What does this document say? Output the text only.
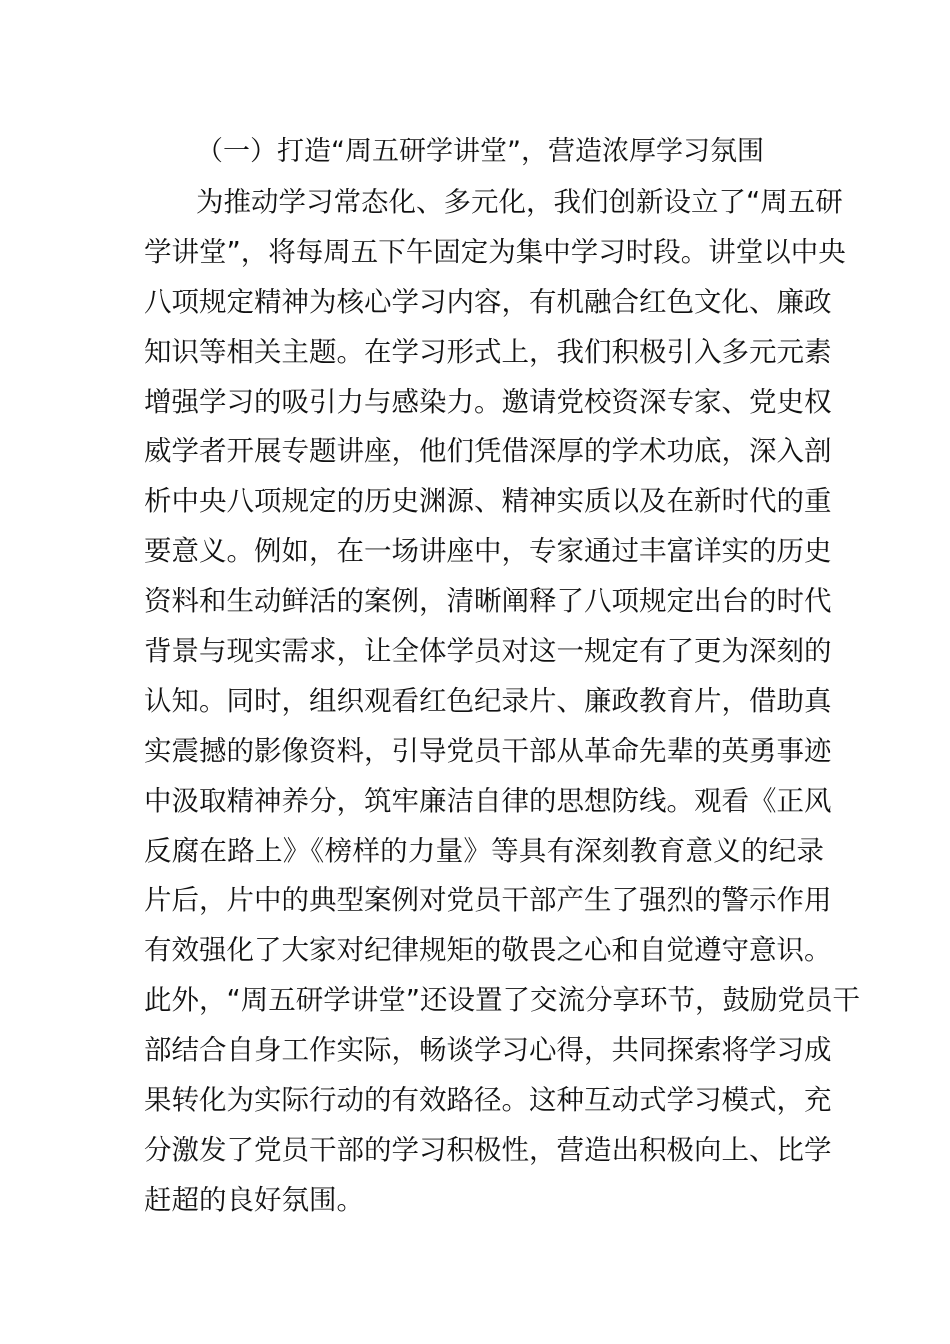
（一）打造“周五研学讲堂”，营造浓厚学习氛围
为推动学习常态化、多元化，我们创新设立了“周五研
学讲堂”，将每周五下午固定为集中学习时段。讲堂以中央
八项规定精神为核心学习内容，有机融合红色文化、廉政
知识等相关主题。在学习形式上，我们积极引入多元元素
增强学习的吸引力与感染力。邀请党校资深专家、党史权
威学者开展专题讲座，他们凭借深厚的学术功底，深入剖
析中央八项规定的历史渊源、精神实质以及在新时代的重
要意义。例如，在一场讲座中，专家通过丰富详实的历史
资料和生动鲜活的案例，清晰阐释了八项规定出台的时代
背景与现实需求，让全体学员对这一规定有了更为深刻的
认知。同时，组织观看红色纪录片、廉政教育片，借助真
实震撼的影像资料，引导党员干部从革命先辈的英勇事迹
中汲取精神养分，筑牢廉洁自律的思想防线。观看《正风
反腐在路上》《榜样的力量》等具有深刻教育意义的纪录
片后，片中的典型案例对党员干部产生了强烈的警示作用
有效强化了大家对纪律规矩的敬畏之心和自觉遵守意识。
此外，“周五研学讲堂”还设置了交流分享环节，鼓励党员干
部结合自身工作实际，畅谈学习心得，共同探索将学习成
果转化为实际行动的有效路径。这种互动式学习模式，充
分激发了党员干部的学习积极性，营造出积极向上、比学
赶超的良好氛围。
